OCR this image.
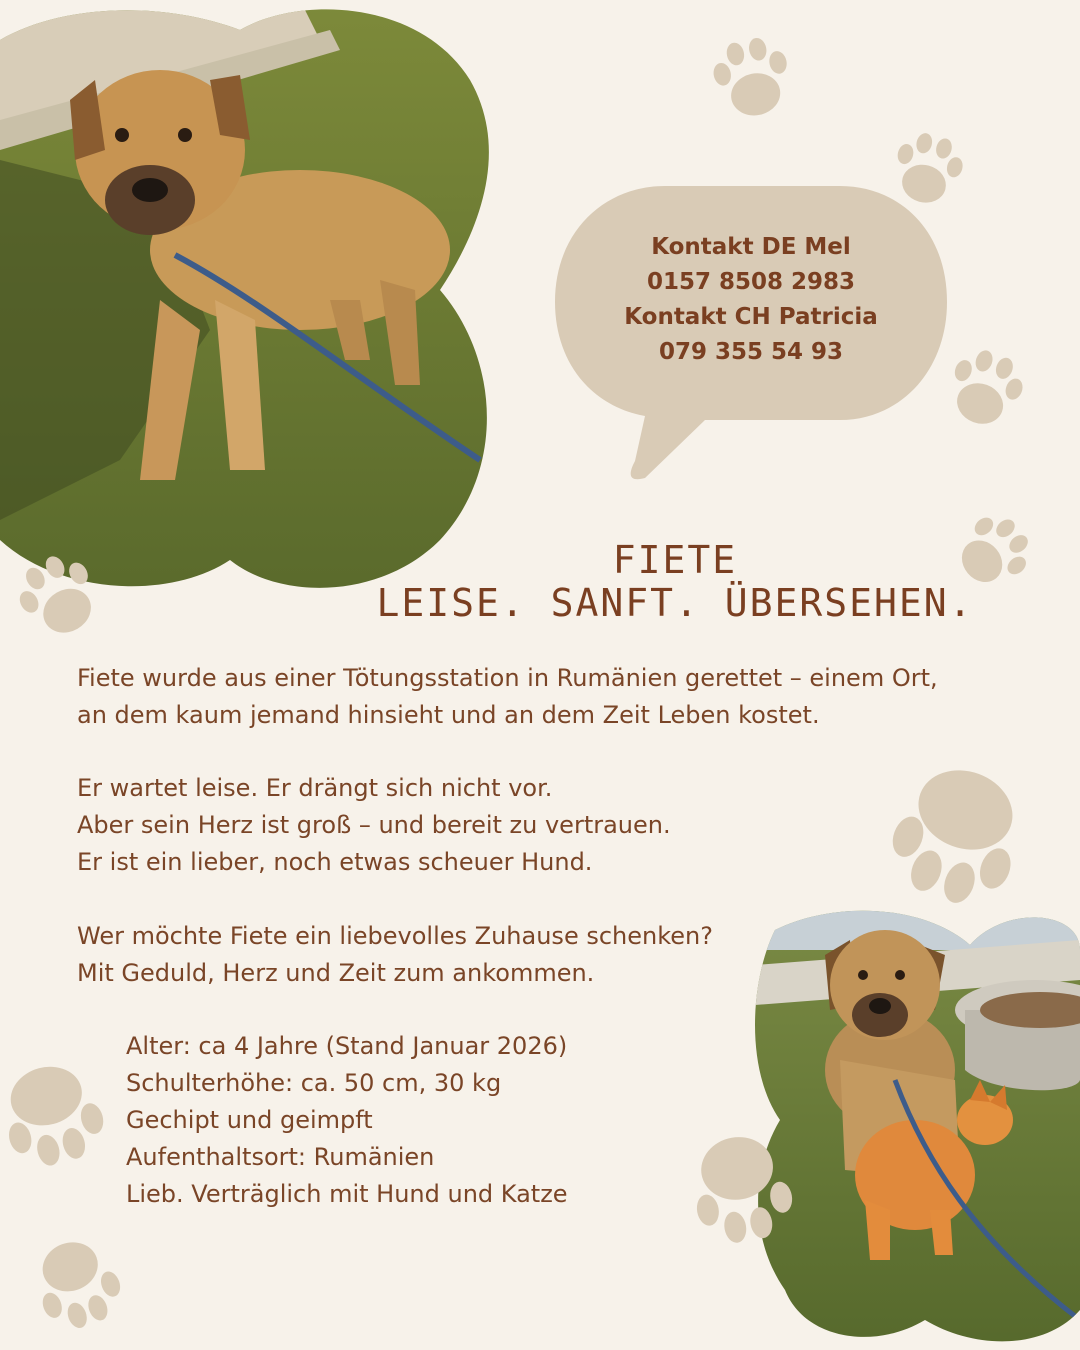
Kontakt DE Mel
0157 8508 2983
Kontakt CH Patricia
079 355 54 93
FIETE
LEISE. SANFT. ÜBERSEHEN.
Fiete wurde aus einer Tötungsstation in Rumänien gerettet – einem Ort,
an dem kaum jemand hinsieht und an dem Zeit Leben kostet.
Er wartet leise. Er drängt sich nicht vor.
Aber sein Herz ist groß – und bereit zu vertrauen.
Er ist ein lieber, noch etwas scheuer Hund.
Wer möchte Fiete ein liebevolles Zuhause schenken?
Mit Geduld, Herz und Zeit zum ankommen.
Alter: ca 4 Jahre (Stand Januar 2026)
Schulterhöhe: ca. 50 cm, 30 kg
Gechipt und geimpft
Aufenthaltsort: Rumänien
Lieb. Verträglich mit Hund und Katze
